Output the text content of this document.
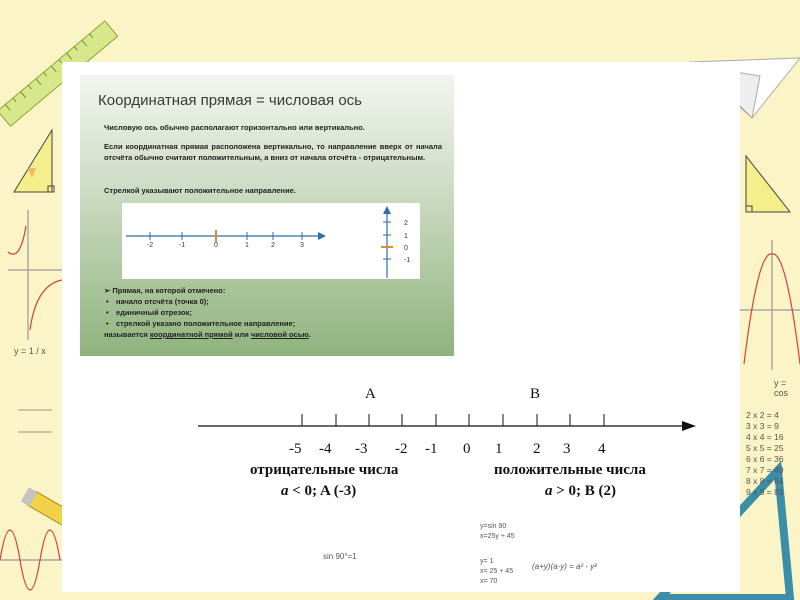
Координатная прямая = числовая ось
Числовую ось обычно располагают горизонтально или вертикально.
Если координатная прямая расположена вертикально, то направление вверх от начала отсчёта обычно считают положительным, а вниз от начала отсчёта - отрицательным.
Стрелкой указывают положительное направление.
-2	-1	0	1	2	3
2
1
0
-1
➢ Прямая, на которой отмечено:
• начало отсчёта (точка 0);
• единичный отрезок;
• стрелкой указано положительное направление;
называется координатной прямой или числовой осью.
A	B
-5 -4 -3 -2 -1 0 1 2 3 4
отрицательные числа	положительные числа
a < 0; A (-3)	a > 0; B (2)
y = 1 / x
y = cos
2 x 2 = 4
3 x 3 = 9
4 x 4 = 16
5 x 5 = 25
6 x 6 = 36
7 x 7 = 49
8 x 8 = 64
9 x 9 = 81
sin 90°=1
y=sin 90
x=25y + 45
y= 1
x= 25 + 45
x= 70
(a+y)(a-y) = a² - y²
